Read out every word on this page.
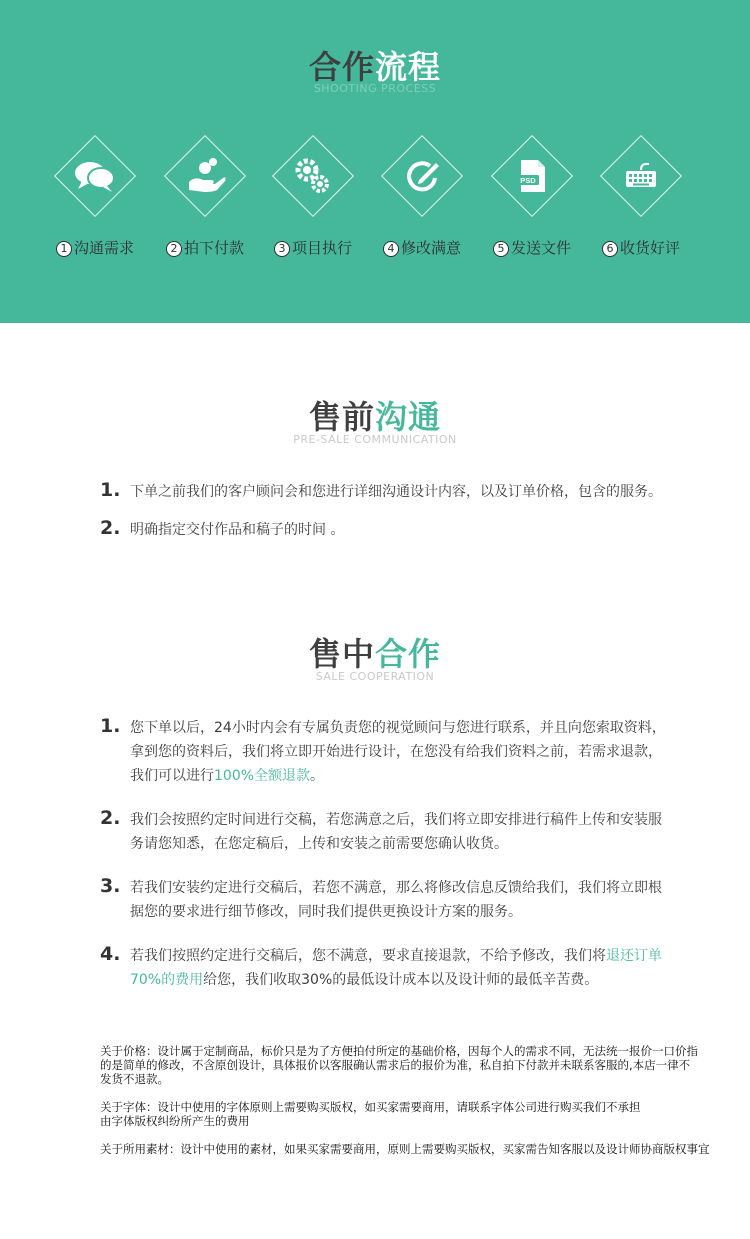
合作流程
SHOOTING PROCESS
1 沟通需求	2 拍下付款	3 项目执行	4 修改满意
PSD
5 发送文件	6 收货好评
售前沟通
PRE-SALE COMMUNICATION
1. 下单之前我们的客户顾问会和您进行详细沟通设计内容，以及订单价格，包含的服务。
2. 明确指定交付作品和稿子的时间 。
售中合作
SALE COOPERATION
1. 您下单以后，24小时内会有专属负责您的视觉顾问与您进行联系，并且向您索取资料，拿到您的资料后，我们将立即开始进行设计，在您没有给我们资料之前，若需求退款，我们可以进行100%全额退款。
2. 我们会按照约定时间进行交稿，若您满意之后，我们将立即安排进行稿件上传和安装服务请您知悉，在您定稿后，上传和安装之前需要您确认收货。
3. 若我们安装约定进行交稿后，若您不满意，那么将修改信息反馈给我们，我们将立即根据您的要求进行细节修改，同时我们提供更换设计方案的服务。
4. 若我们按照约定进行交稿后，您不满意，要求直接退款，不给予修改，我们将退还订单70%的费用给您，我们收取30%的最低设计成本以及设计师的最低辛苦费。
关于价格：设计属于定制商品，标价只是为了方便拍付所定的基础价格，因每个人的需求不同，无法统一报价一口价指的是简单的修改，不含原创设计，具体报价以客服确认需求后的报价为准，私自拍下付款并未联系客服的,本店一律不发货不退款。
关于字体：设计中使用的字体原则上需要购买版权，如买家需要商用，请联系字体公司进行购买我们不承担由字体版权纠纷所产生的费用
关于所用素材：设计中使用的素材，如果买家需要商用，原则上需要购买版权，买家需告知客服以及设计师协商版权事宜
